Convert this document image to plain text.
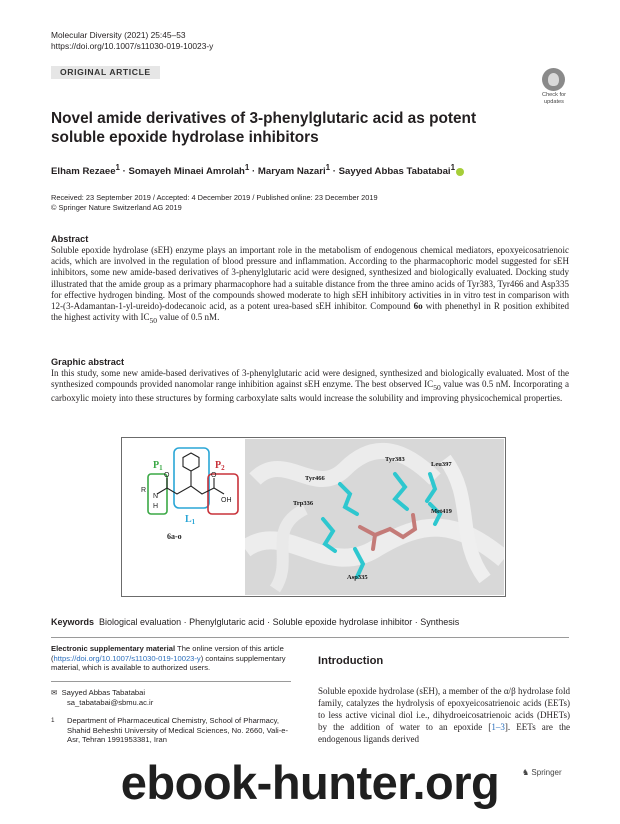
Molecular Diversity (2021) 25:45–53
https://doi.org/10.1007/s11030-019-10023-y
ORIGINAL ARTICLE
Check for updates
Novel amide derivatives of 3-phenylglutaric acid as potent soluble epoxide hydrolase inhibitors
Elham Rezaee$^1$ · Somayeh Minaei Amrolah$^1$ · Maryam Nazari$^1$ · Sayyed Abbas Tabatabai$^1$
Received: 23 September 2019 / Accepted: 4 December 2019 / Published online: 23 December 2019
© Springer Nature Switzerland AG 2019
Abstract
Soluble epoxide hydrolase (sEH) enzyme plays an important role in the metabolism of endogenous chemical mediators, epoxyeicosatrienoic acids, which are involved in the regulation of blood pressure and inflammation. According to the pharmacophoric model suggested for sEH inhibitors, some new amide-based derivatives of 3-phenylglutaric acid were designed, synthesized and biologically evaluated. Docking study illustrated that the amide group as a primary pharmacophore had a suitable distance from the three amino acids of Tyr383, Tyr466 and Asp335 for effective hydrogen binding. Most of the compounds showed moderate to high sEH inhibitory activities in in vitro test in comparison with 12-(3-Adamantan-1-yl-ureido)-dodecanoic acid, as a potent urea-based sEH inhibitor. Compound 6o with phenethyl in R position exhibited the highest activity with $IC_{50}$ value of 0.5 nM.
Graphic abstract
In this study, some new amide-based derivatives of 3-phenylglutaric acid were designed, synthesized and biologically evaluated. Most of the synthesized compounds provided nanomolar range inhibition against sEH enzyme. The best observed $IC_{50}$ value was 0.5 nM. Incorporating a carboxylic moiety into these structures by forming carboxylate salts would increase the solubility and improving physicochemical properties.
$P_1$	$P_2$
$L_1$
O	O
OH
N
H
R
6a-o
Tyr383
Leu397
Tyr466
Trp336
Met419
Asp335
Keywords Biological evaluation · Phenylglutaric acid · Soluble epoxide hydrolase inhibitor · Synthesis
Electronic supplementary material The online version of this article (https://doi.org/10.1007/s11030-019-10023-y) contains supplementary material, which is available to authorized users.
✉ Sayyed Abbas Tabatabai
sa_tabatabai@sbmu.ac.ir
$^1$ Department of Pharmaceutical Chemistry, School of Pharmacy, Shahid Beheshti University of Medical Sciences, No. 2660, Vali-e-Asr, Tehran 1991953381, Iran
Introduction
Soluble epoxide hydrolase (sEH), a member of the α/β hydrolase fold family, catalyzes the hydrolysis of epoxyeicosatrienoic acids (EETs) to less active vicinal diol i.e., dihydroeicosatrienoic acids (DHETs) by the addition of water to an epoxide [1–3]. EETs are the endogenous ligands derived
ebook-hunter.org	♞ Springer
